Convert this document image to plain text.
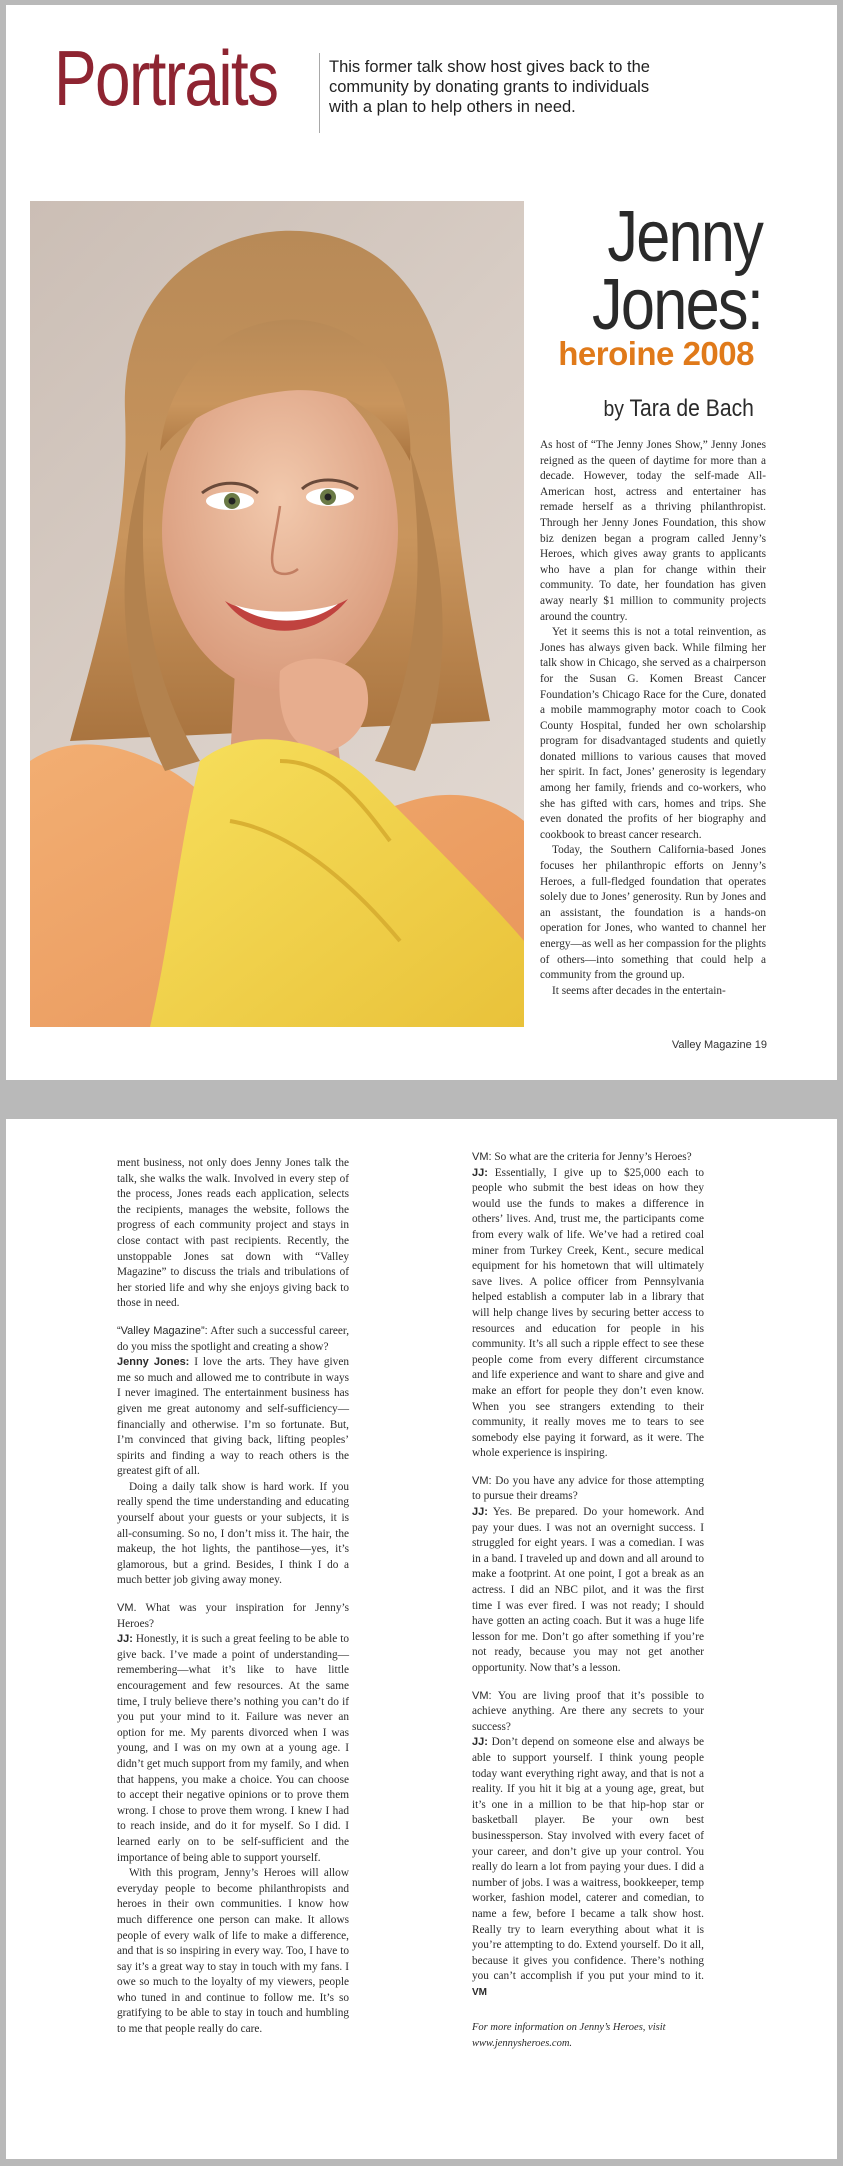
Portraits	This former talk show host gives back to the community by donating grants to individuals with a plan to help others in need.
Jenny
Jones:
heroine 2008
by Tara de Bach

As host of “The Jenny Jones Show,” Jenny Jones reigned as the queen of daytime for more than a decade. However, today the self-made All-American host, actress and entertainer has remade herself as a thriving philanthropist. Through her Jenny Jones Foundation, this show biz denizen began a program called Jenny’s Heroes, which gives away grants to applicants who have a plan for change within their community. To date, her foundation has given away nearly $1 million to community projects around the country.

Yet it seems this is not a total reinvention, as Jones has always given back. While filming her talk show in Chicago, she served as a chairperson for the Susan G. Komen Breast Cancer Foundation’s Chicago Race for the Cure, donated a mobile mammography motor coach to Cook County Hospital, funded her own scholarship program for disadvantaged students and quietly donated millions to various causes that moved her spirit. In fact, Jones’ generosity is legendary among her family, friends and co-workers, who she has gifted with cars, homes and trips. She even donated the profits of her biography and cookbook to breast cancer research.

Today, the Southern California-based Jones focuses her philanthropic efforts on Jenny’s Heroes, a full-fledged foundation that operates solely due to Jones’ generosity. Run by Jones and an assistant, the foundation is a hands-on operation for Jones, who wanted to channel her energy—as well as her compassion for the plights of others—into something that could help a community from the ground up.

It seems after decades in the entertain-

Valley Magazine 19

ment business, not only does Jenny Jones talk the talk, she walks the walk. Involved in every step of the process, Jones reads each application, selects the recipients, manages the website, follows the progress of each community project and stays in close contact with past recipients. Recently, the unstoppable Jones sat down with “Valley Magazine” to discuss the trials and tribulations of her storied life and why she enjoys giving back to those in need.

“Valley Magazine”: After such a successful career, do you miss the spotlight and creating a show?

Jenny Jones: I love the arts. They have given me so much and allowed me to contribute in ways I never imagined. The entertainment business has given me great autonomy and self-sufficiency—financially and otherwise. I’m so fortunate. But, I’m convinced that giving back, lifting peoples’ spirits and finding a way to reach others is the greatest gift of all.

Doing a daily talk show is hard work. If you really spend the time understanding and educating yourself about your guests or your subjects, it is all-consuming. So no, I don’t miss it. The hair, the makeup, the hot lights, the pantihose—yes, it’s glamorous, but a grind. Besides, I think I do a much better job giving away money.

VM. What was your inspiration for Jenny’s Heroes?

JJ: Honestly, it is such a great feeling to be able to give back. I’ve made a point of understanding—remembering—what it’s like to have little encouragement and few resources. At the same time, I truly believe there’s nothing you can’t do if you put your mind to it. Failure was never an option for me. My parents divorced when I was young, and I was on my own at a young age. I didn’t get much support from my family, and when that happens, you make a choice. You can choose to accept their negative opinions or to prove them wrong. I chose to prove them wrong. I knew I had to reach inside, and do it for myself. So I did. I learned early on to be self-sufficient and the importance of being able to support yourself.

With this program, Jenny’s Heroes will allow everyday people to become philanthropists and heroes in their own communities. I know how much difference one person can make. It allows people of every walk of life to make a difference, and that is so inspiring in every way. Too, I have to say it’s a great way to stay in touch with my fans. I owe so much to the loyalty of my viewers, people who tuned in and continue to follow me. It’s so gratifying to be able to stay in touch and humbling to me that people really do care.

VM: So what are the criteria for Jenny’s Heroes?

JJ: Essentially, I give up to $25,000 each to people who submit the best ideas on how they would use the funds to makes a difference in others’ lives. And, trust me, the participants come from every walk of life. We’ve had a retired coal miner from Turkey Creek, Kent., secure medical equipment for his hometown that will ultimately save lives. A police officer from Pennsylvania helped establish a computer lab in a library that will help change lives by securing better access to resources and education for people in his community. It’s all such a ripple effect to see these people come from every different circumstance and life experience and want to share and give and make an effort for people they don’t even know. When you see strangers extending to their community, it really moves me to tears to see somebody else paying it forward, as it were. The whole experience is inspiring.

VM: Do you have any advice for those attempting to pursue their dreams?

JJ: Yes. Be prepared. Do your homework. And pay your dues. I was not an overnight success. I struggled for eight years. I was a comedian. I was in a band. I traveled up and down and all around to make a footprint. At one point, I got a break as an actress. I did an NBC pilot, and it was the first time I was ever fired. I was not ready; I should have gotten an acting coach. But it was a huge life lesson for me. Don’t go after something if you’re not ready, because you may not get another opportunity. Now that’s a lesson.

VM: You are living proof that it’s possible to achieve anything. Are there any secrets to your success?

JJ: Don’t depend on someone else and always be able to support yourself. I think young people today want everything right away, and that is not a reality. If you hit it big at a young age, great, but it’s one in a million to be that hip-hop star or basketball player. Be your own best businessperson. Stay involved with every facet of your career, and don’t give up your control. You really do learn a lot from paying your dues. I did a number of jobs. I was a waitress, bookkeeper, temp worker, fashion model, caterer and comedian, to name a few, before I became a talk show host. Really try to learn everything about what it is you’re attempting to do. Extend yourself. Do it all, because it gives you confidence. There’s nothing you can’t accomplish if you put your mind to it. VM

For more information on Jenny’s Heroes, visit www.jennysheroes.com.
